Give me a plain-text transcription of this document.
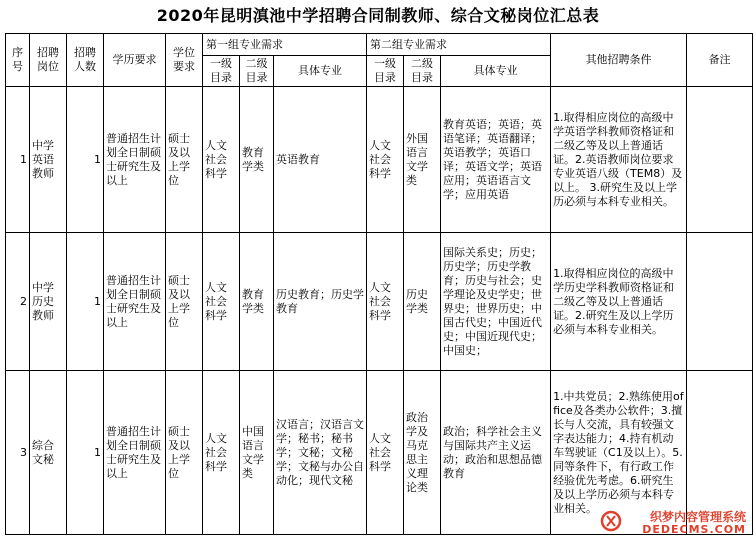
2020年昆明滇池中学招聘合同制教师、综合文秘岗位汇总表
序号	招聘岗位	招聘人数	学历要求	学位要求	第一组专业需求			第二组专业需求			其他招聘条件	备注
					一级目录	二级目录	具体专业	一级目录	二级目录	具体专业		
1	中学英语教师	1	普通招生计划全日制硕士研究生及以上	硕士及以上学位	人文社会科学	教育学类	英语教育	人文社会科学	外国语言文学类	教育英语；英语；英语笔译；英语翻译；英语教学；英语口译；英语文学；英语应用；英语语言文学；应用英语	1.取得相应岗位的高级中学英语学科教师资格证和二级乙等及以上普通话证。2.英语教师岗位要求专业英语八级（TEM8）及以上。 3.研究生及以上学历必须与本科专业相关。	
2	中学历史教师	1	普通招生计划全日制硕士研究生及以上	硕士及以上学位	人文社会科学	教育学类	历史教育；历史学教育	人文社会科学	历史学类	国际关系史；历史；历史学；历史学教育；历史与社会；史学理论及史学史；世界史；世界历史；中国古代史；中国近代史；中国近现代史；中国史；	1.取得相应岗位的高级中学历史学科教师资格证和二级乙等及以上普通话证。2.研究生及以上学历必须与本科专业相关。	
3	综合文秘	1	普通招生计划全日制硕士研究生及以上	硕士及以上学位	人文社会科学	中国语言文学类	汉语言；汉语言文学；秘书；秘书学；文秘；文秘学；文秘与办公自动化；现代文秘	人文社会科学	政治学及马克思主义理论类	政治；科学社会主义与国际共产主义运动；政治和思想品德教育	1.中共党员；2.熟练使用office及各类办公软件；3.擅长与人交流，具有较强文字表达能力；4.持有机动车驾驶证（C1及以上）。5.同等条件下，有行政工作经验优先考虑。6.研究生及以上学历必须与本科专业相关。	
织梦内容管理系统
DEDECMS.COM
